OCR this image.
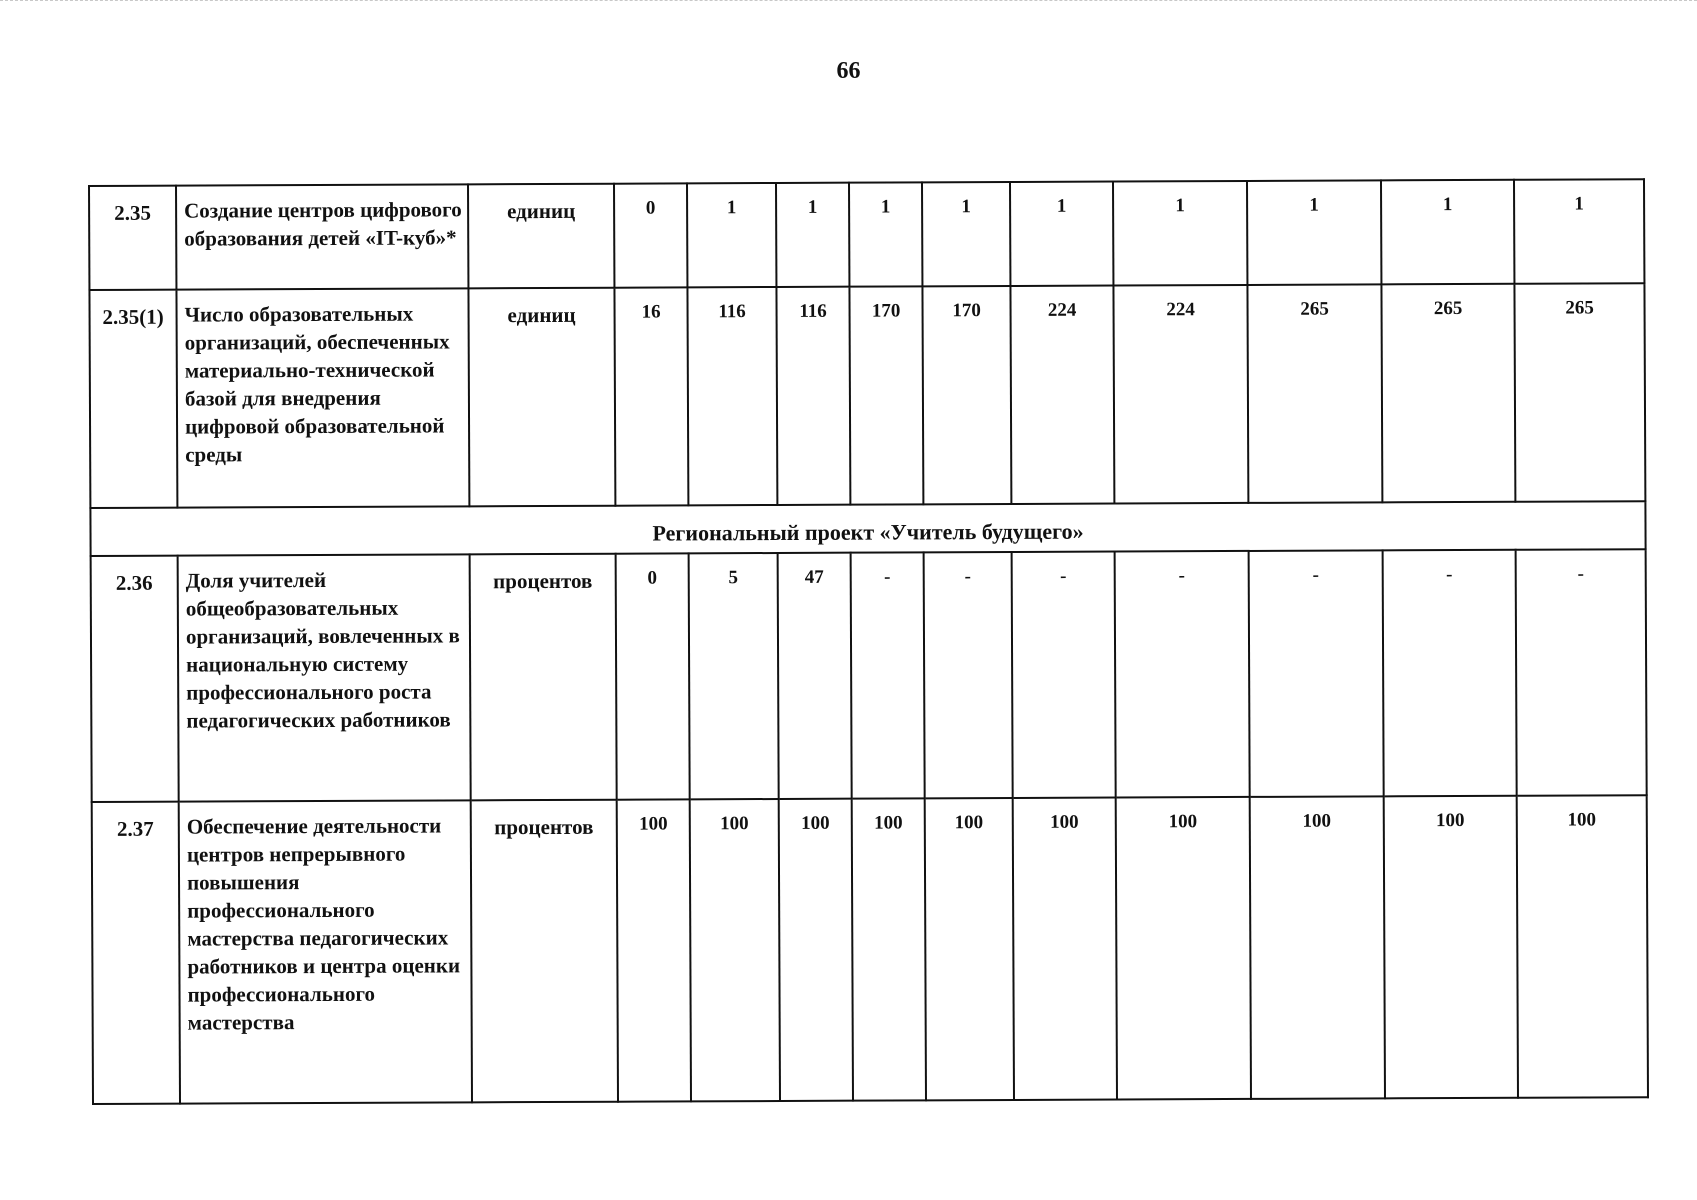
66
2.35	Создание центров цифрового образования детей «IT-куб»*	единиц	0	1	1	1	1	1	1	1	1	1
2.35(1)	Число образовательных организаций, обеспеченных материально-технической базой для внедрения цифровой образовательной среды	единиц	16	116	116	170	170	224	224	265	265	265
Региональный проект «Учитель будущего»												
2.36	Доля учителей общеобразовательных организаций, вовлеченных в национальную систему профессионального роста педагогических работников	процентов	0	5	47	-	-	-	-	-	-	-
2.37	Обеспечение деятельности центров непрерывного повышения профессионального мастерства педагогических работников и центра оценки профессионального мастерства	процентов	100	100	100	100	100	100	100	100	100	100
